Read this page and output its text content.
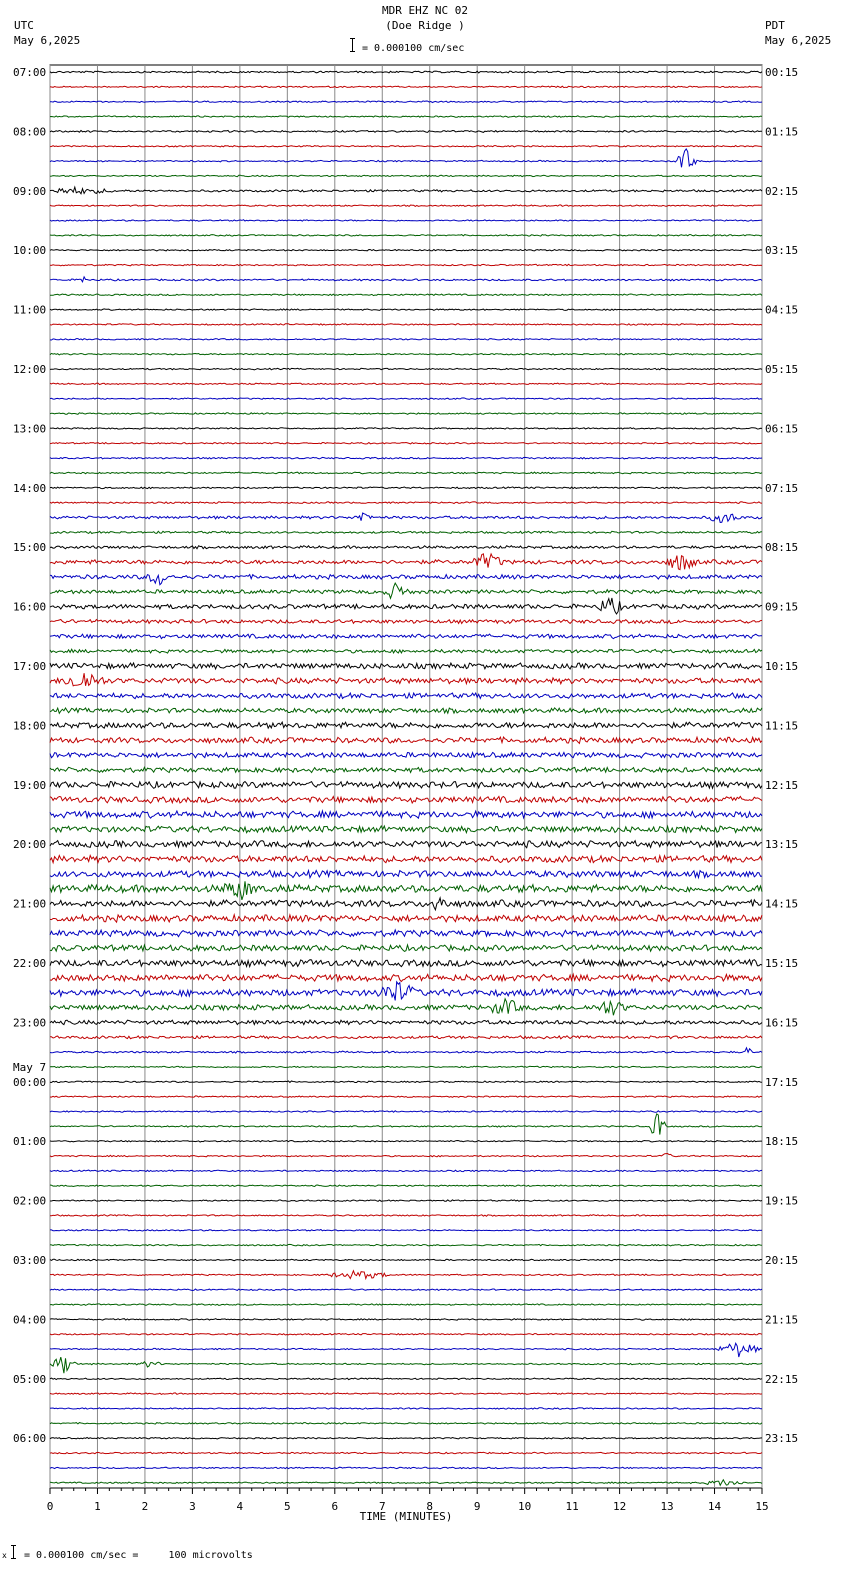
MDR EHZ NC 02
(Doe Ridge )
UTC
May 6,2025
PDT
May 6,2025
= 0.000100 cm/sec
0	1	2	3	4	5	6	7	8	9	10	11	12	13	14	15
TIME (MINUTES)
07:00
08:00
09:00
10:00
11:00
12:00
13:00
14:00
15:00
16:00
17:00
18:00
19:00
20:00
21:00
22:00
23:00
00:00
01:00
02:00
03:00
04:00
05:00
06:00
00:15
01:15
02:15
03:15
04:15
05:15
06:15
07:15
08:15
09:15
10:15
11:15
12:15
13:15
14:15
15:15
16:15
17:15
18:15
19:15
20:15
21:15
22:15
23:15
May 7
x = 0.000100 cm/sec =     100 microvolts
